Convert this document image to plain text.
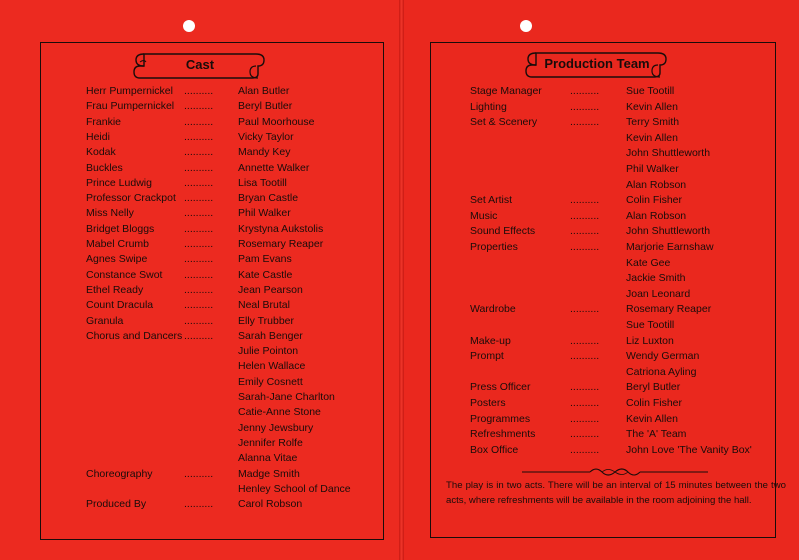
Cast	Production Team
Herr Pumpernickel .......... Alan Butler
Frau Pumpernickel .......... Beryl Butler
Frankie	.......... Paul Moorhouse
Heidi	.......... Vicky Taylor
Kodak	.......... Mandy Key
Buckles	.......... Annette Walker
Prince Ludwig	.......... Lisa Tootill
Professor Crackpot .......... Bryan Castle
Miss Nelly	.......... Phil Walker
Bridget Bloggs	.......... Krystyna Aukstolis
Mabel Crumb	.......... Rosemary Reaper
Agnes Swipe	.......... Pam Evans
Constance Swot .......... Kate Castle
Ethel Ready	.......... Jean Pearson
Count Dracula	.......... Neal Brutal
Granula	.......... Elly Trubber
Chorus and Dancers .......... Sarah Benger
Julie Pointon
Helen Wallace
Emily Cosnett
Sarah-Jane Charlton
Catie-Anne Stone
Jenny Jewsbury
Jennifer Rolfe
Alanna Vitae
Choreography	.......... Madge Smith
Henley School of Dance
Produced By	.......... Carol Robson
Stage Manager	..........	Sue Tootill
Lighting	..........	Kevin Allen
Set & Scenery	..........	Terry Smith
Kevin Allen
John Shuttleworth
Phil Walker
Alan Robson
Set Artist	..........	Colin Fisher
Music	..........	Alan Robson
Sound Effects	..........	John Shuttleworth
Properties	..........	Marjorie Earnshaw
Kate Gee
Jackie Smith
Joan Leonard
Wardrobe	..........	Rosemary Reaper
Sue Tootill
Make-up	..........	Liz Luxton
Prompt	..........	Wendy German
Catriona Ayling
Press Officer	..........	Beryl Butler
Posters	..........	Colin Fisher
Programmes	..........	Kevin Allen
Refreshments	..........	The 'A' Team
Box Office	..........	John Love 'The Vanity Box'
The play is in two acts. There will be an interval of 15 minutes between the two acts, where refreshments will be available in the room adjoining the hall.
